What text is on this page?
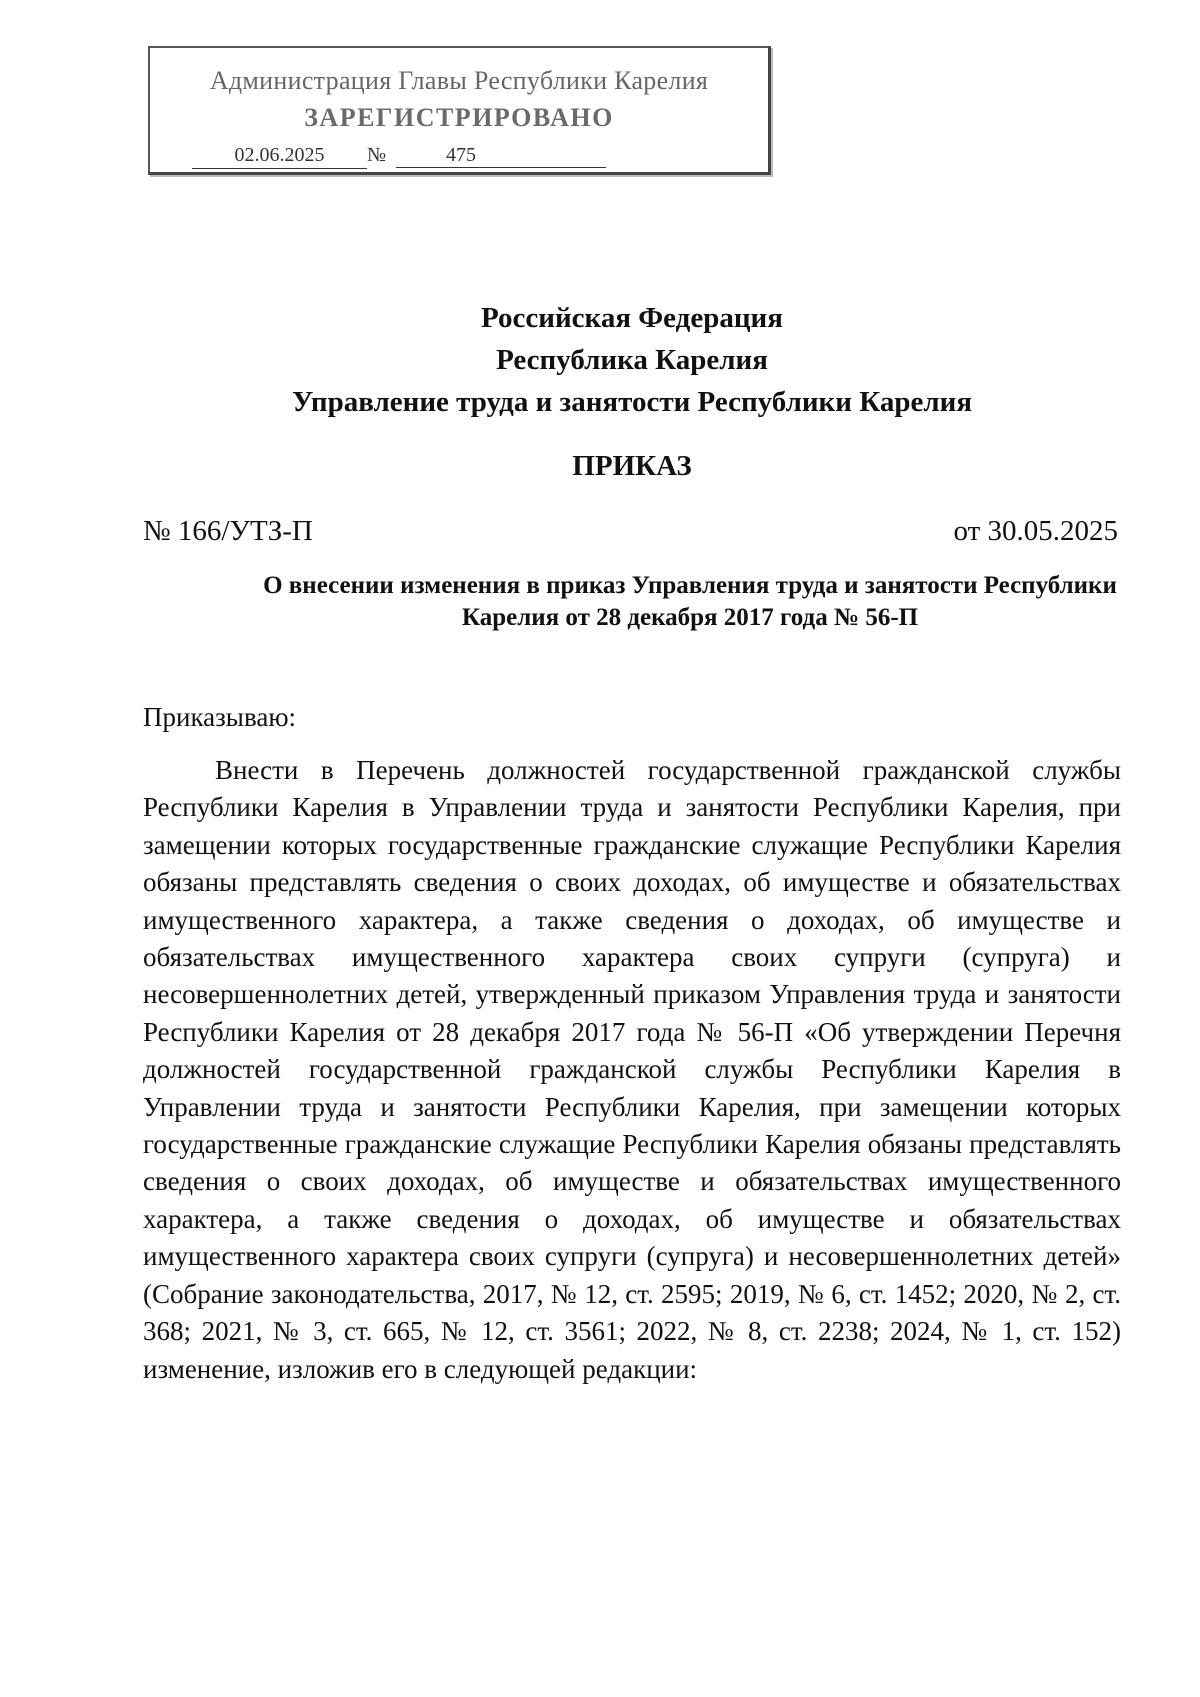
Администрация Главы Республики Карелия
ЗАРЕГИСТРИРОВАНО
02.06.2025	№	475
Российская Федерация
Республика Карелия
Управление труда и занятости Республики Карелия
ПРИКАЗ
№ 166/УТЗ-П	от 30.05.2025
О внесении изменения в приказ Управления труда и занятости Республики Карелия от 28 декабря 2017 года № 56-П
Приказываю:

Внести в Перечень должностей государственной гражданской службы Республики Карелия в Управлении труда и занятости Республики Карелия, при замещении которых государственные гражданские служащие Республики Карелия обязаны представлять сведения о своих доходах, об имуществе и обязательствах имущественного характера, а также сведения о доходах, об имуществе и обязательствах имущественного характера своих супруги (супруга) и несовершеннолетних детей, утвержденный приказом Управления труда и занятости Республики Карелия от 28 декабря 2017 года № 56-П «Об утверждении Перечня должностей государственной гражданской службы Республики Карелия в Управлении труда и занятости Республики Карелия, при замещении которых государственные гражданские служащие Республики Карелия обязаны представлять сведения о своих доходах, об имуществе и обязательствах имущественного характера, а также сведения о доходах, об имуществе и обязательствах имущественного характера своих супруги (супруга) и несовершеннолетних детей» (Собрание законодательства, 2017, № 12, ст. 2595; 2019, № 6, ст. 1452; 2020, № 2, ст. 368; 2021, № 3, ст. 665, № 12, ст. 3561; 2022, № 8, ст. 2238; 2024, № 1, ст. 152) изменение, изложив его в следующей редакции:
